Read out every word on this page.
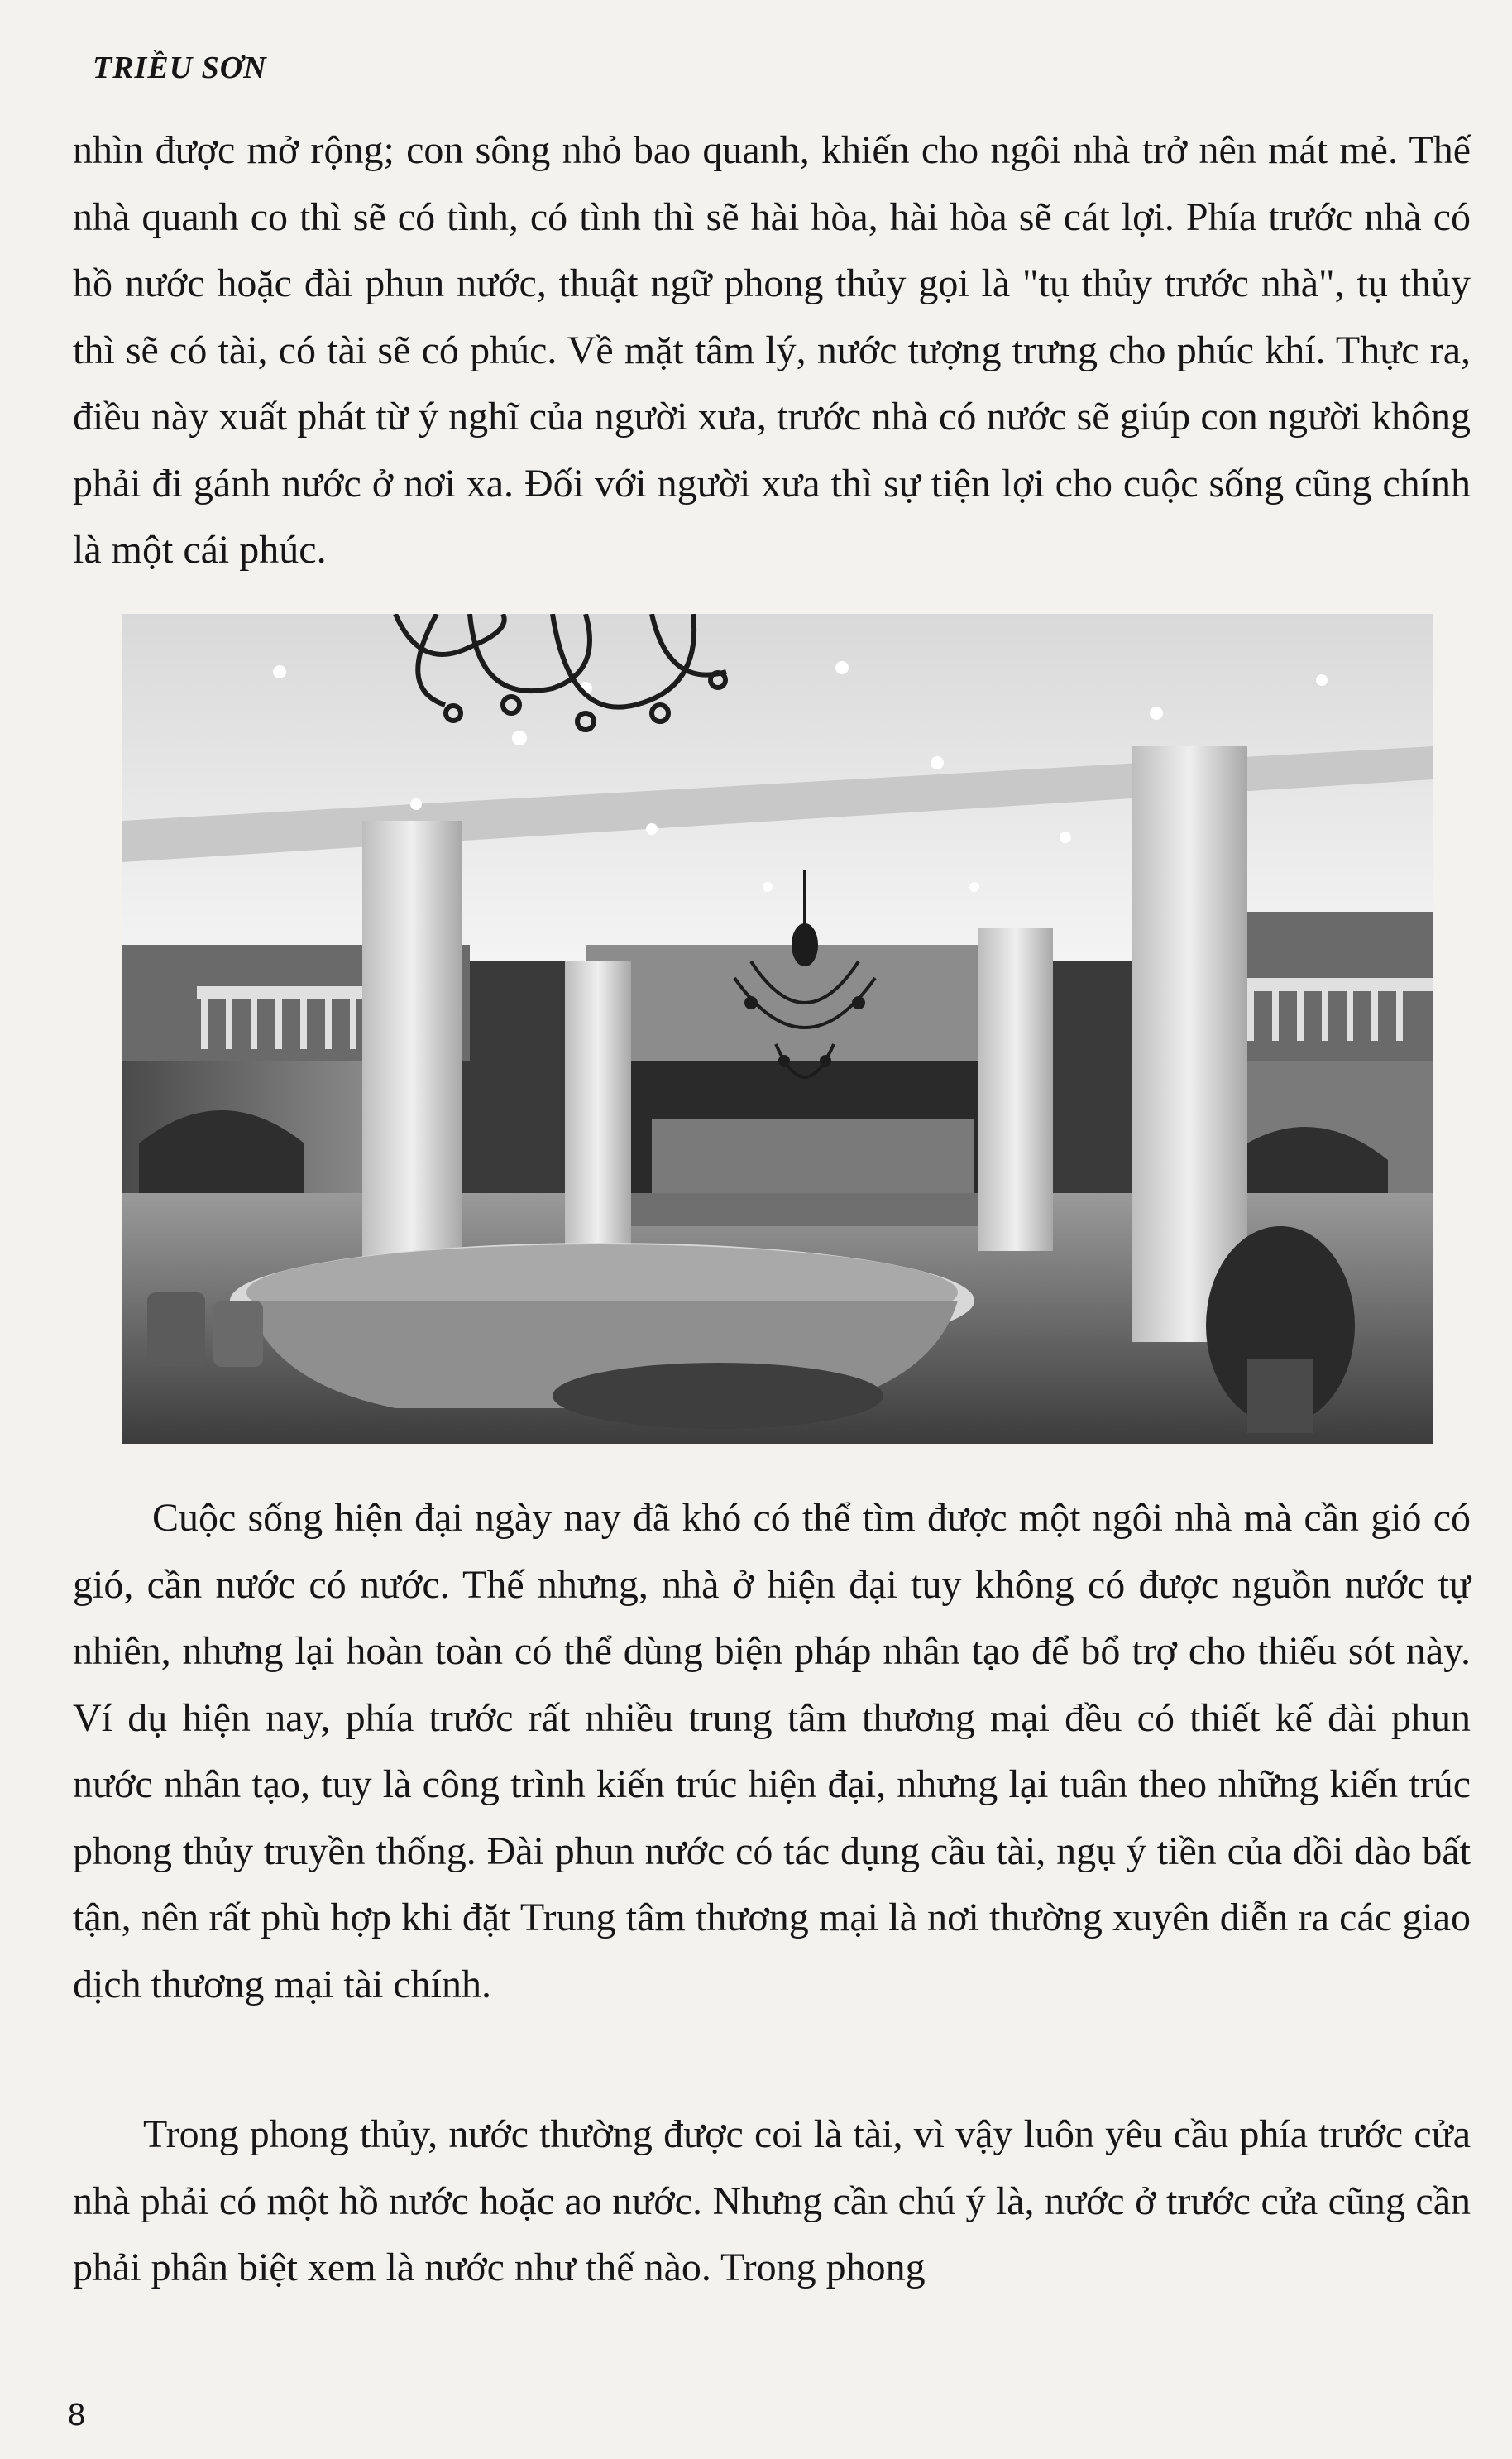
TRIỀU SƠN

nhìn được mở rộng; con sông nhỏ bao quanh, khiến cho ngôi nhà trở nên mát mẻ. Thế nhà quanh co thì sẽ có tình, có tình thì sẽ hài hòa, hài hòa sẽ cát lợi. Phía trước nhà có hồ nước hoặc đài phun nước, thuật ngữ phong thủy gọi là "tụ thủy trước nhà", tụ thủy thì sẽ có tài, có tài sẽ có phúc. Về mặt tâm lý, nước tượng trưng cho phúc khí. Thực ra, điều này xuất phát từ ý nghĩ của người xưa, trước nhà có nước sẽ giúp con người không phải đi gánh nước ở nơi xa. Đối với người xưa thì sự tiện lợi cho cuộc sống cũng chính là một cái phúc.

Cuộc sống hiện đại ngày nay đã khó có thể tìm được một ngôi nhà mà cần gió có gió, cần nước có nước. Thế nhưng, nhà ở hiện đại tuy không có được nguồn nước tự nhiên, nhưng lại hoàn toàn có thể dùng biện pháp nhân tạo để bổ trợ cho thiếu sót này. Ví dụ hiện nay, phía trước rất nhiều trung tâm thương mại đều có thiết kế đài phun nước nhân tạo, tuy là công trình kiến trúc hiện đại, nhưng lại tuân theo những kiến trúc phong thủy truyền thống. Đài phun nước có tác dụng cầu tài, ngụ ý tiền của dồi dào bất tận, nên rất phù hợp khi đặt Trung tâm thương mại là nơi thường xuyên diễn ra các giao dịch thương mại tài chính.

Trong phong thủy, nước thường được coi là tài, vì vậy luôn yêu cầu phía trước cửa nhà phải có một hồ nước hoặc ao nước. Nhưng cần chú ý là, nước ở trước cửa cũng cần phải phân biệt xem là nước như thế nào. Trong phong

8
